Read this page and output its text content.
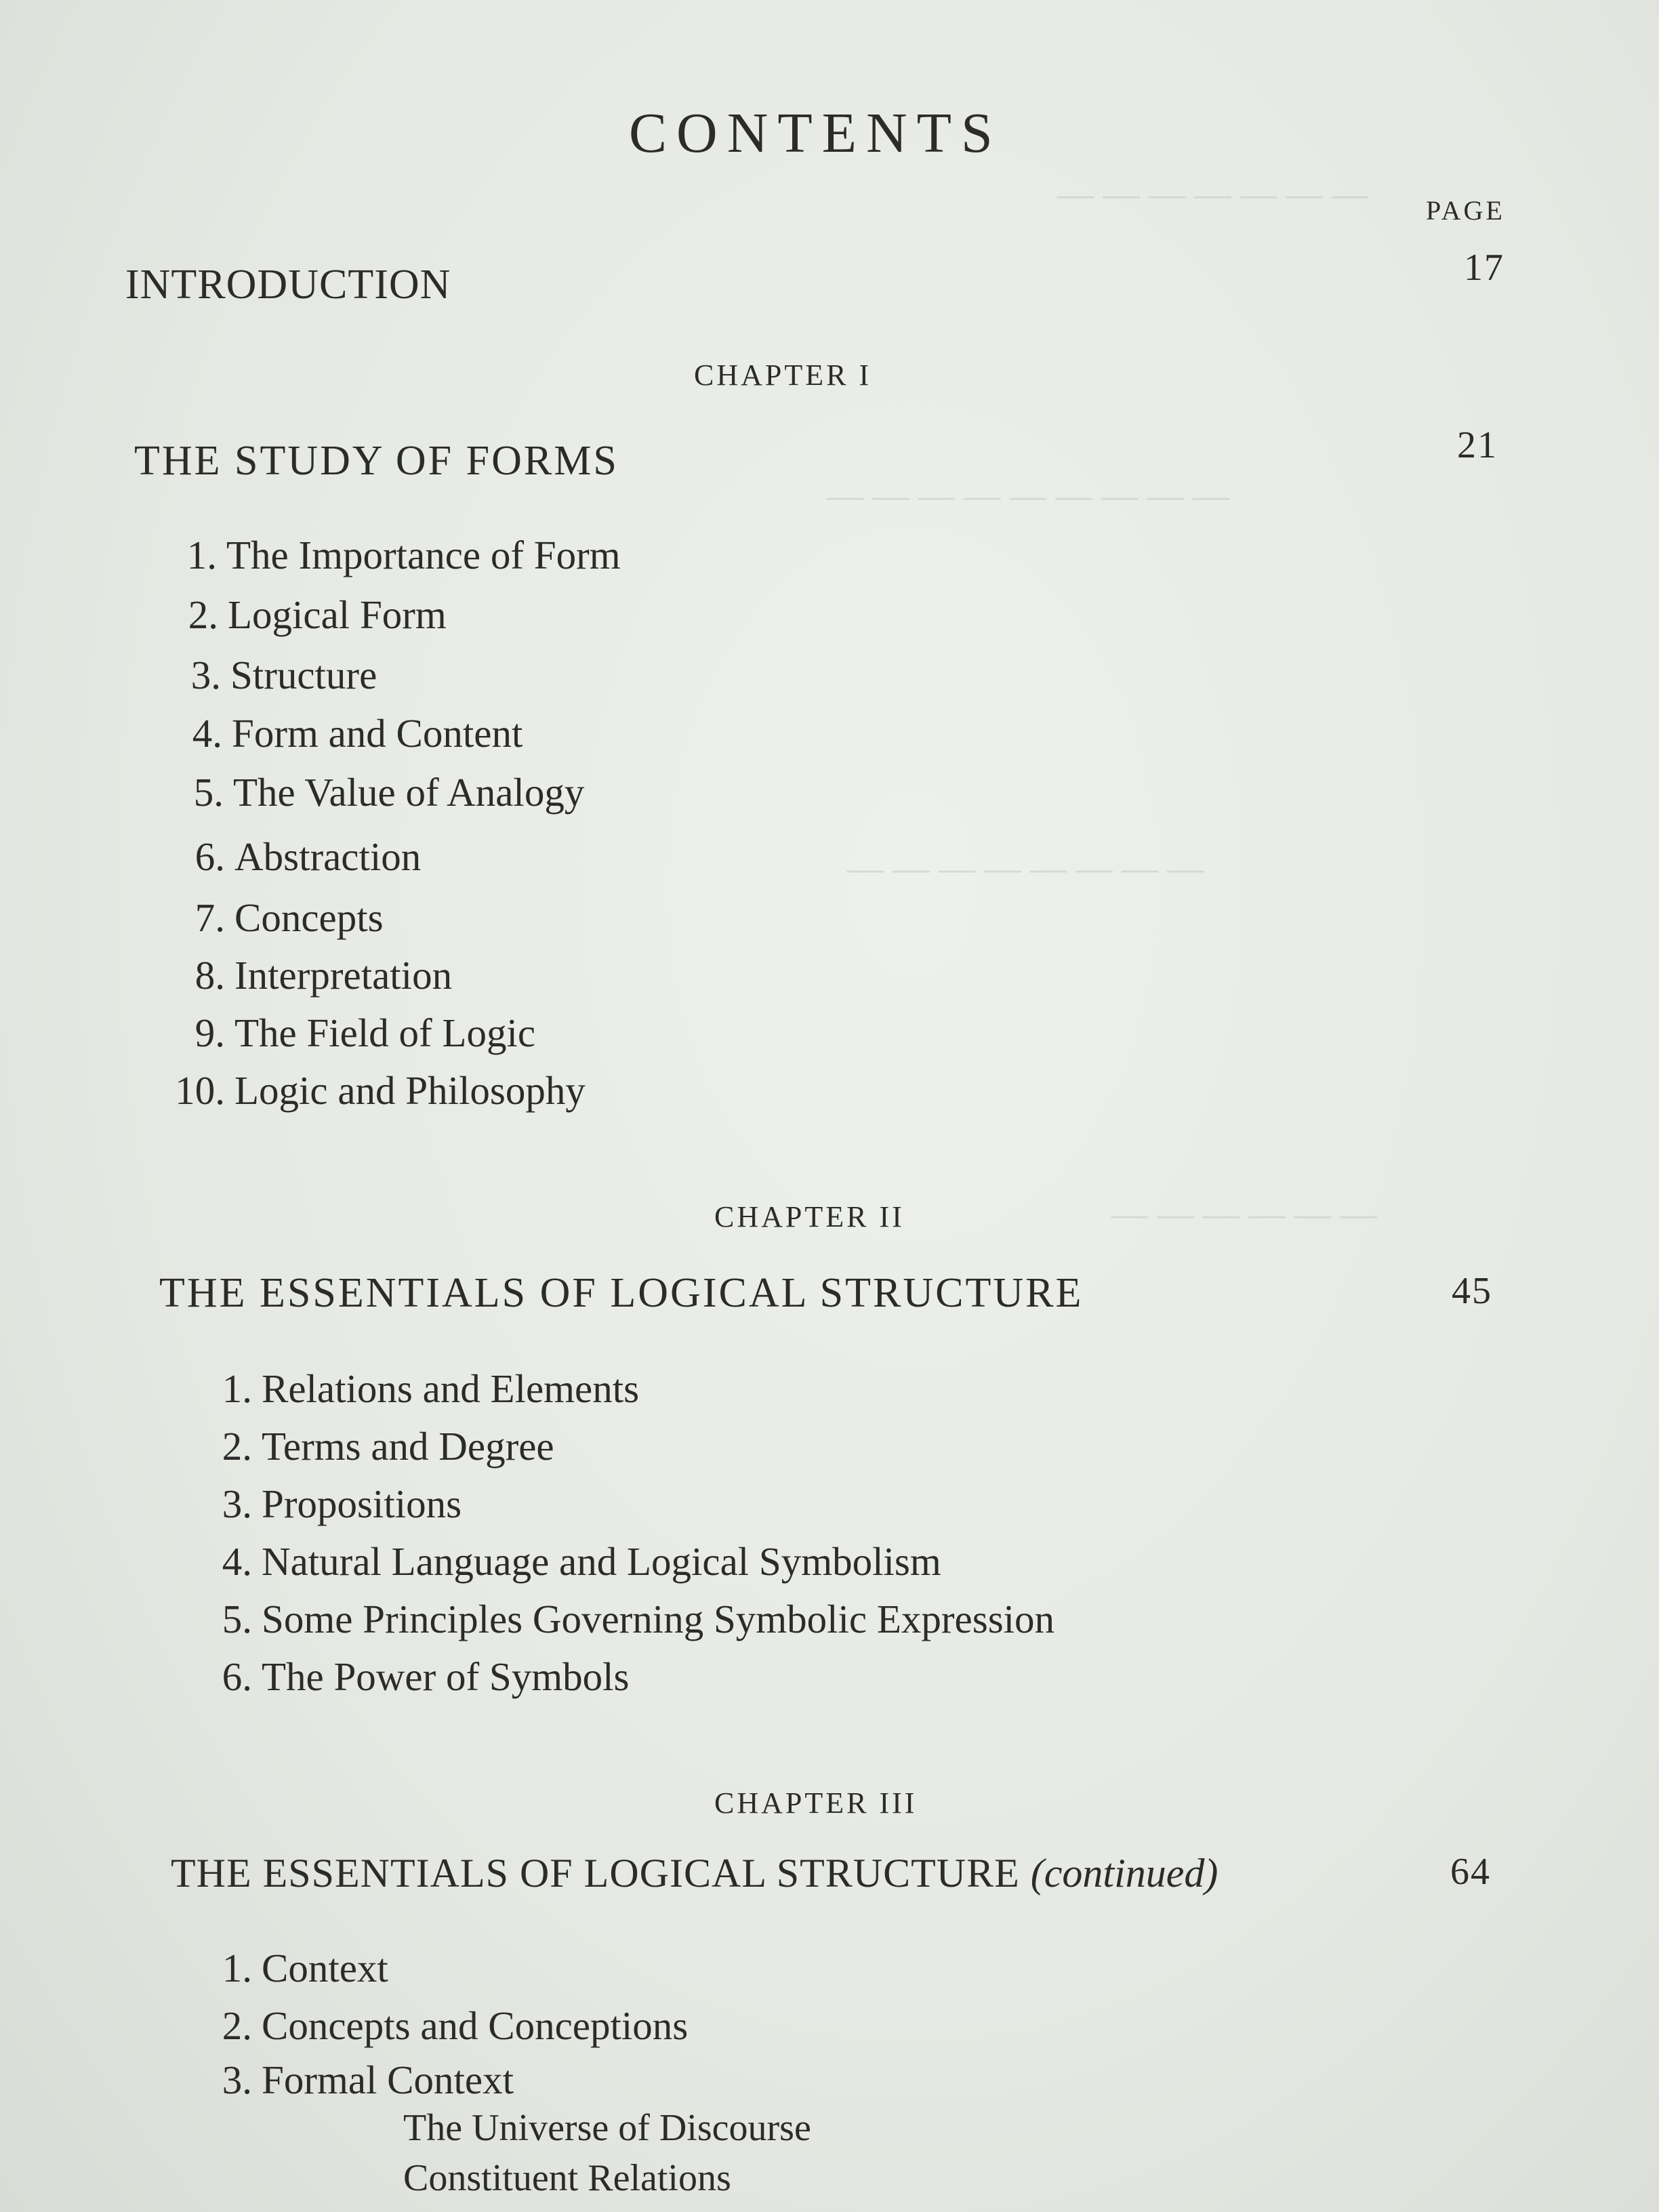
— — — — — — —
— — — — — — — — —
— — — — — — — —
— — — — — —
CONTENTS
PAGE
INTRODUCTION	17
CHAPTER I
THE STUDY OF FORMS	21
1. The Importance of Form
2. Logical Form
3. Structure
4. Form and Content
5. The Value of Analogy
6. Abstraction
7. Concepts
8. Interpretation
9. The Field of Logic
10. Logic and Philosophy
CHAPTER II
THE ESSENTIALS OF LOGICAL STRUCTURE	45
1. Relations and Elements
2. Terms and Degree
3. Propositions
4. Natural Language and Logical Symbolism
5. Some Principles Governing Symbolic Expression
6. The Power of Symbols
CHAPTER III
THE ESSENTIALS OF LOGICAL STRUCTURE (continued)	64
1. Context
2. Concepts and Conceptions
3. Formal Context
The Universe of Discourse
Constituent Relations
